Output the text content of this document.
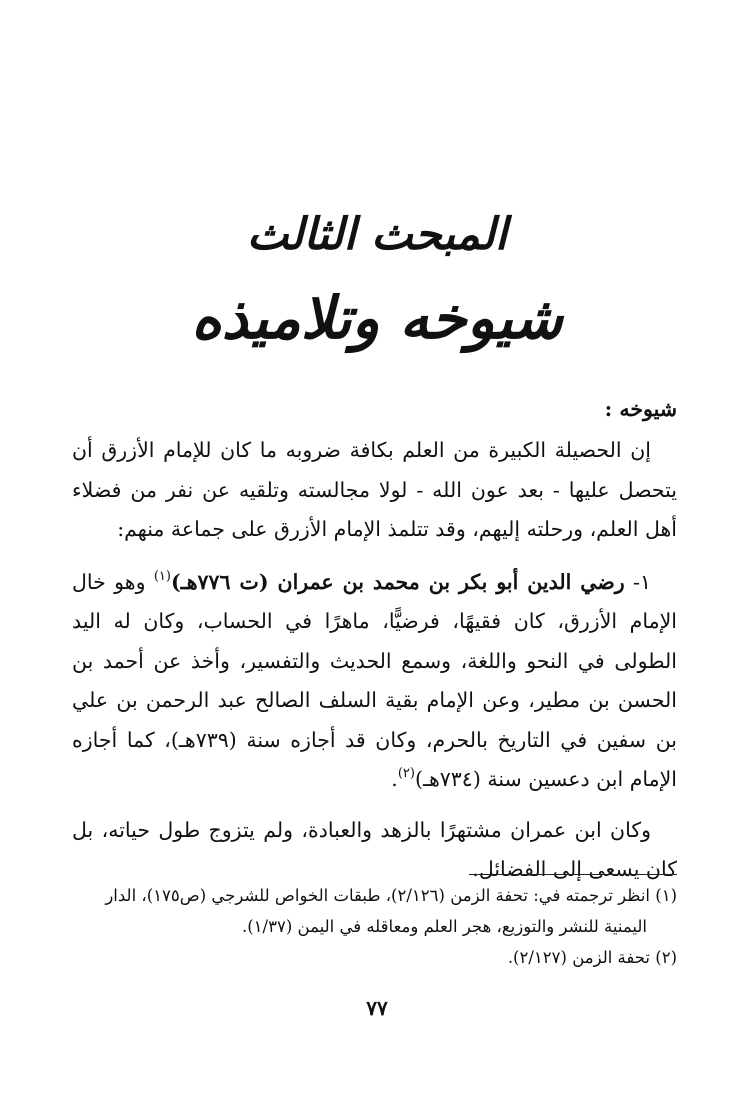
المبحث الثالث
شيوخه وتلاميذه
شيوخه :

إن الحصيلة الكبيرة من العلم بكافة ضروبه ما كان للإمام الأزرق أن يتحصل عليها - بعد عون الله - لولا مجالسته وتلقيه عن نفر من فضلاء أهل العلم، ورحلته إليهم، وقد تتلمذ الإمام الأزرق على جماعة منهم:

١- رضي الدين أبو بكر بن محمد بن عمران (ت ٧٧٦هـ)$^{(١)}$ وهو خال الإمام الأزرق، كان فقيهًا، فرضيًّا، ماهرًا في الحساب، وكان له اليد الطولى في النحو واللغة، وسمع الحديث والتفسير، وأخذ عن أحمد بن الحسن بن مطير، وعن الإمام بقية السلف الصالح عبد الرحمن بن علي بن سفين في التاريخ بالحرم، وكان قد أجازه سنة (٧٣٩هـ)، كما أجازه الإمام ابن دعسين سنة (٧٣٤هـ)$^{(٢)}$.

وكان ابن عمران مشتهرًا بالزهد والعبادة، ولم يتزوج طول حياته، بل كان يسعى إلى الفضائل.

(١) انظر ترجمته في: تحفة الزمن (٢/١٢٦)، طبقات الخواص للشرجي (ص١٧٥)، الدار

اليمنية للنشر والتوزيع، هجر العلم ومعاقله في اليمن (١/٣٧).

(٢) تحفة الزمن (٢/١٢٧).

٧٧
